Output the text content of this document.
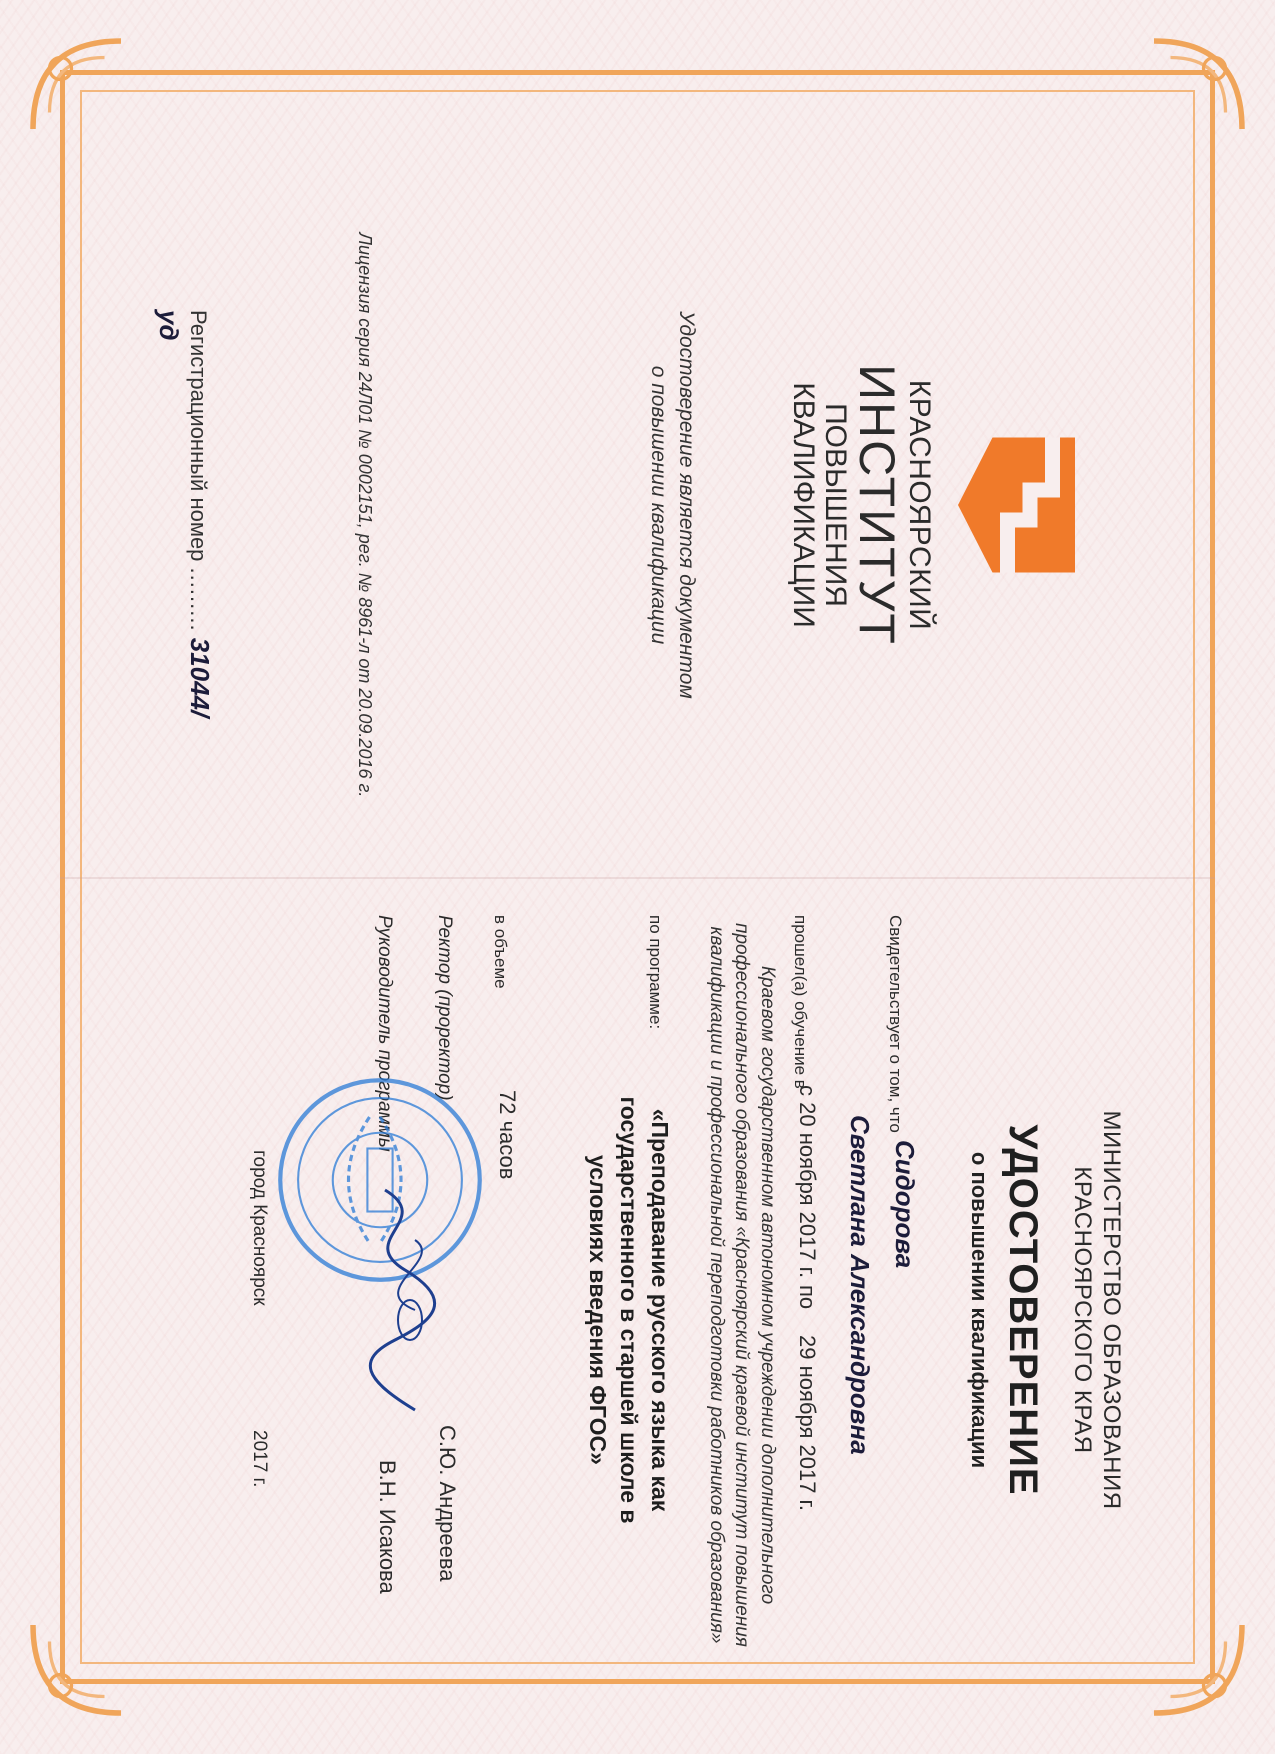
КРАСНОЯРСКИЙ
ИНСТИТУТ
ПОВЫШЕНИЯ
КВАЛИФИКАЦИИ
Удостоверение является документом
о повышении квалификации
Лицензия серия 24Л01 № 0002151, рег. № 8961-л от 20.09.2016 г.
Регистрационный номер ......... 31044/уд
МИНИСТЕРСТВО ОБРАЗОВАНИЯ
КРАСНОЯРСКОГО КРАЯ
УДОСТОВЕРЕНИЕ
о повышении квалификации
Свидетельствует о том, что
Сидорова
Светлана Александровна
прошел(а) обучение в
с 20 ноября 2017 г.
по
29 ноября 2017 г.
Краевом государственном автономном учреждении дополнительного профессионального образования «Красноярский краевой институт повышения квалификации и профессиональной переподготовки работников образования»
по программе:
«Преподавание русского языка как государственного в старшей школе в условиях введения ФГОС»
в объеме
72 часов
Ректор (проректор)
С.Ю. Андреева
Руководитель программы
В.Н. Исакова
город Красноярск
2017 г.
